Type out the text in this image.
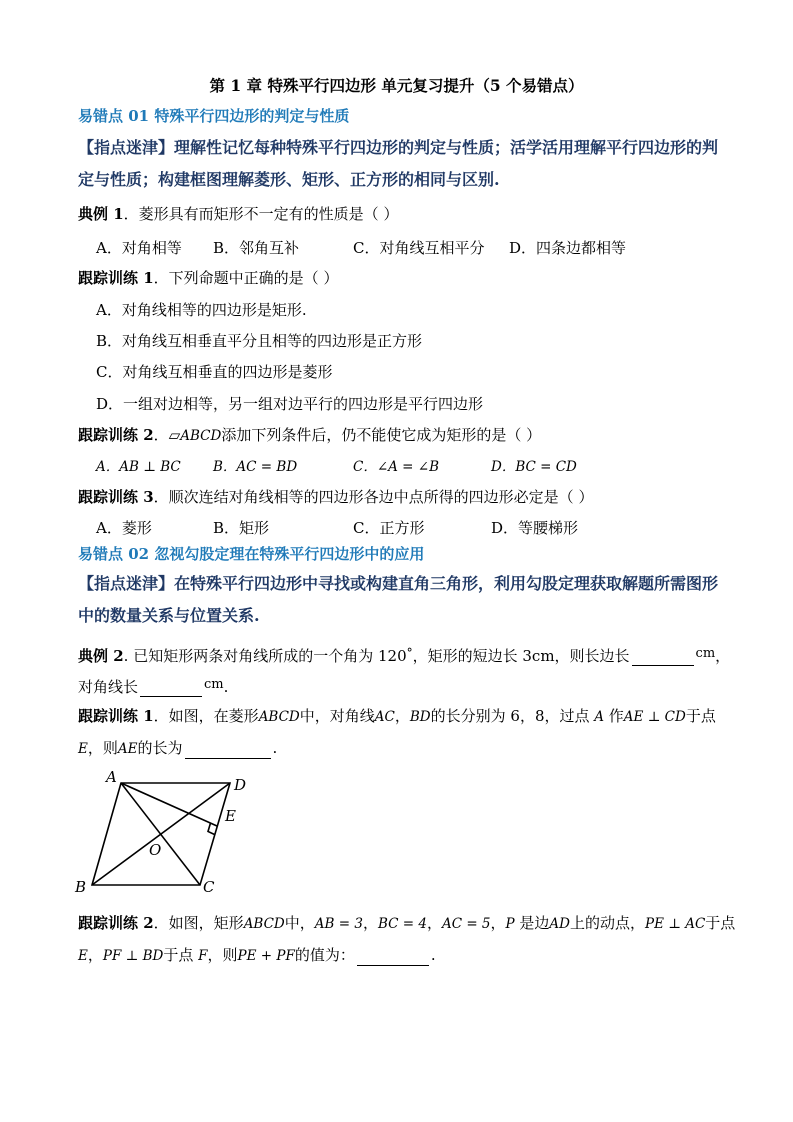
第 1 章 特殊平行四边形 单元复习提升（5 个易错点）
易错点 01 特殊平行四边形的判定与性质
【指点迷津】理解性记忆每种特殊平行四边形的判定与性质；活学活用理解平行四边形的判
定与性质；构建框图理解菱形、矩形、正方形的相同与区别.
典例 1．菱形具有而矩形不一定有的性质是（ ）
A．对角相等 B．邻角互补	C．对角线互相平分 D．四条边都相等
跟踪训练 1．下列命题中正确的是（ ）
A．对角线相等的四边形是矩形.
B．对角线互相垂直平分且相等的四边形是正方形
C．对角线互相垂直的四边形是菱形
D．一组对边相等，另一组对边平行的四边形是平行四边形
跟踪训练 2．▱ABCD添加下列条件后，仍不能使它成为矩形的是（ ）
A．AB ⊥ BC B．AC = BD	C．∠A = ∠B	D．BC = CD
跟踪训练 3．顺次连结对角线相等的四边形各边中点所得的四边形必定是（ ）
A．菱形	B．矩形	C．正方形	D．等腰梯形
易错点 02 忽视勾股定理在特殊平行四边形中的应用
【指点迷津】在特殊平行四边形中寻找或构建直角三角形，利用勾股定理获取解题所需图形
中的数量关系与位置关系.
典例 2. 已知矩形两条对角线所成的一个角为 120°，矩形的短边长 3cm，则长边长	cm，
对角线长	cm.
跟踪训练 1．如图，在菱形ABCD中，对角线AC，BD的长分别为 6，8，过点 A 作AE ⊥ CD于点
E，则AE的长为	.
A	D
E
O
B	C
跟踪训练 2．如图，矩形ABCD中，AB = 3，BC = 4，AC = 5，P 是边AD上的动点，PE ⊥ AC于点
E，PF ⊥ BD于点 F，则PE + PF的值为：	.
